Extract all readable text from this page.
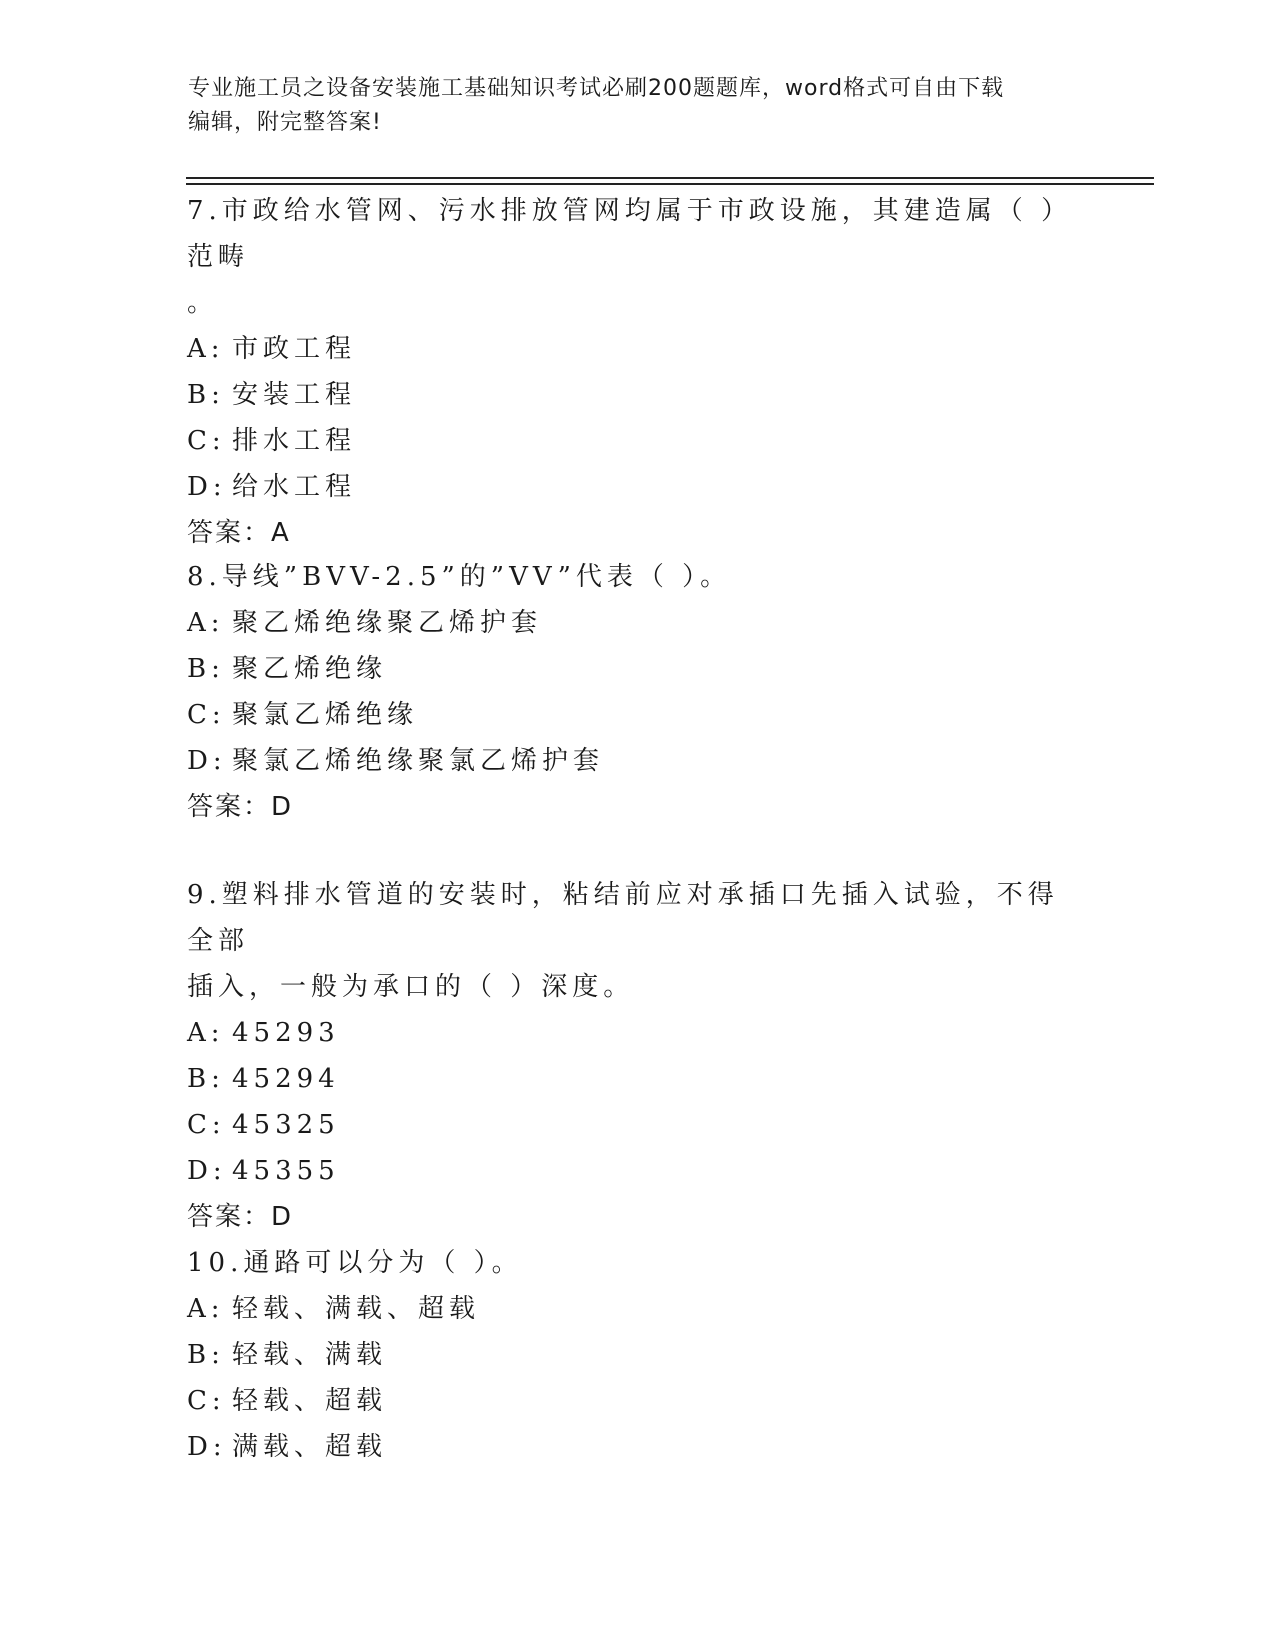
专业施工员之设备安装施工基础知识考试必刷200题题库，word格式可自由下载
编辑，附完整答案!
7.市政给水管网、污水排放管网均属于市政设施，其建造属（ ）范畴
。
A: 市政工程
B: 安装工程
C: 排水工程
D: 给水工程
答案：A
8.导线”BVV-2.5”的”VV”代表（ ）。
A: 聚乙烯绝缘聚乙烯护套
B: 聚乙烯绝缘
C: 聚氯乙烯绝缘
D: 聚氯乙烯绝缘聚氯乙烯护套
答案：D
9.塑料排水管道的安装时，粘结前应对承插口先插入试验，不得全部
插入，一般为承口的（ ）深度。
A: 45293
B: 45294
C: 45325
D: 45355
答案：D
10.通路可以分为（ ）。
A: 轻载、满载、超载
B: 轻载、满载
C: 轻载、超载
D: 满载、超载
